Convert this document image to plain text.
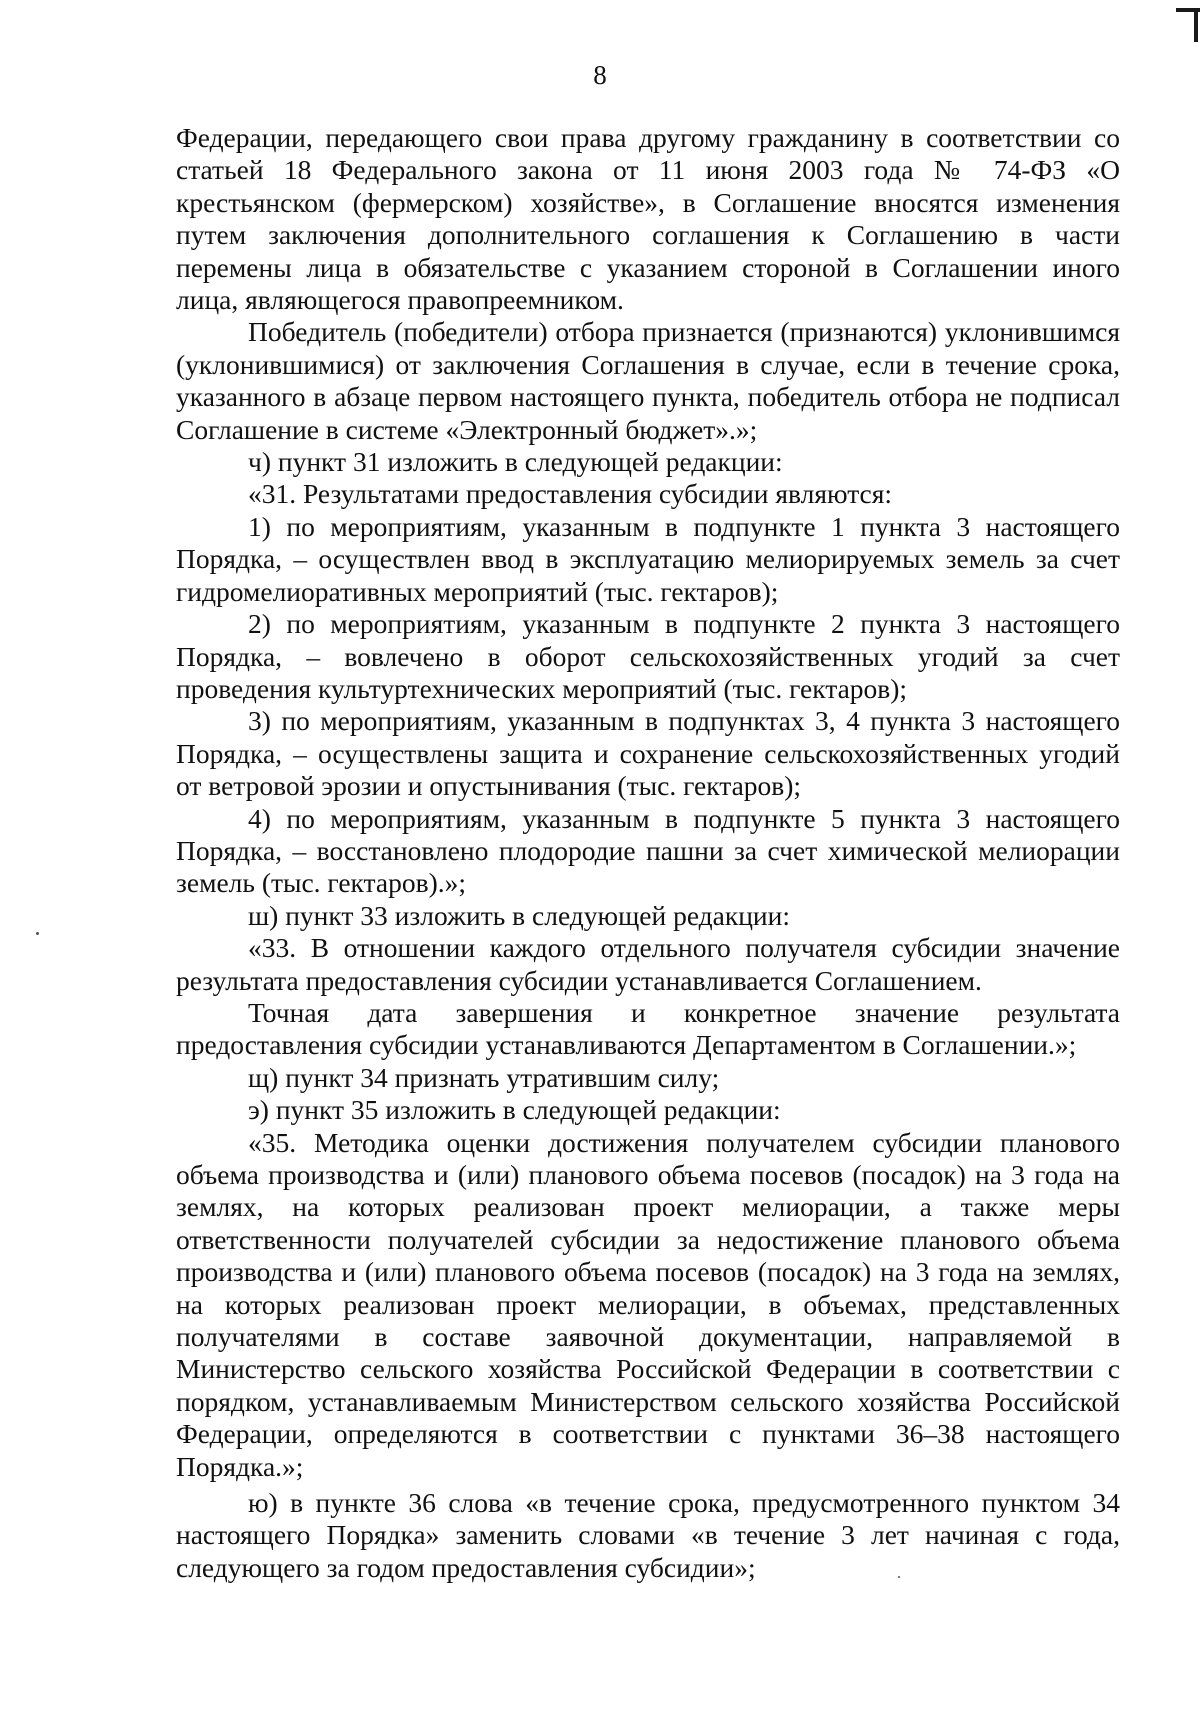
8

Федерации, передающего свои права другому гражданину в соответствии со статьей 18 Федерального закона от 11 июня 2003 года № 74-ФЗ «О крестьянском (фермерском) хозяйстве», в Соглашение вносятся изменения путем заключения дополнительного соглашения к Соглашению в части перемены лица в обязательстве с указанием стороной в Соглашении иного лица, являющегося правопреемником.

Победитель (победители) отбора признается (признаются) уклонившимся (уклонившимися) от заключения Соглашения в случае, если в течение срока, указанного в абзаце первом настоящего пункта, победитель отбора не подписал Соглашение в системе «Электронный бюджет».»;

ч) пункт 31 изложить в следующей редакции:

«31. Результатами предоставления субсидии являются:

1) по мероприятиям, указанным в подпункте 1 пункта 3 настоящего Порядка, – осуществлен ввод в эксплуатацию мелиорируемых земель за счет гидромелиоративных мероприятий (тыс. гектаров);

2) по мероприятиям, указанным в подпункте 2 пункта 3 настоящего Порядка, – вовлечено в оборот сельскохозяйственных угодий за счет проведения культуртехнических мероприятий (тыс. гектаров);

3) по мероприятиям, указанным в подпунктах 3, 4 пункта 3 настоящего Порядка, – осуществлены защита и сохранение сельскохозяйственных угодий от ветровой эрозии и опустынивания (тыс. гектаров);

4) по мероприятиям, указанным в подпункте 5 пункта 3 настоящего Порядка, – восстановлено плодородие пашни за счет химической мелиорации земель (тыс. гектаров).»;

ш) пункт 33 изложить в следующей редакции:

«33. В отношении каждого отдельного получателя субсидии значение результата предоставления субсидии устанавливается Соглашением.

Точная дата завершения и конкретное значение результата предоставления субсидии устанавливаются Департаментом в Соглашении.»;

щ) пункт 34 признать утратившим силу;

э) пункт 35 изложить в следующей редакции:

«35. Методика оценки достижения получателем субсидии планового объема производства и (или) планового объема посевов (посадок) на 3 года на землях, на которых реализован проект мелиорации, а также меры ответственности получателей субсидии за недостижение планового объема производства и (или) планового объема посевов (посадок) на 3 года на землях, на которых реализован проект мелиорации, в объемах, представленных получателями в составе заявочной документации, направляемой в Министерство сельского хозяйства Российской Федерации в соответствии с порядком, устанавливаемым Министерством сельского хозяйства Российской Федерации, определяются в соответствии с пунктами 36–38 настоящего Порядка.»;

ю) в пункте 36 слова «в течение срока, предусмотренного пунктом 34 настоящего Порядка» заменить словами «в течение 3 лет начиная с года, следующего за годом предоставления субсидии»;
